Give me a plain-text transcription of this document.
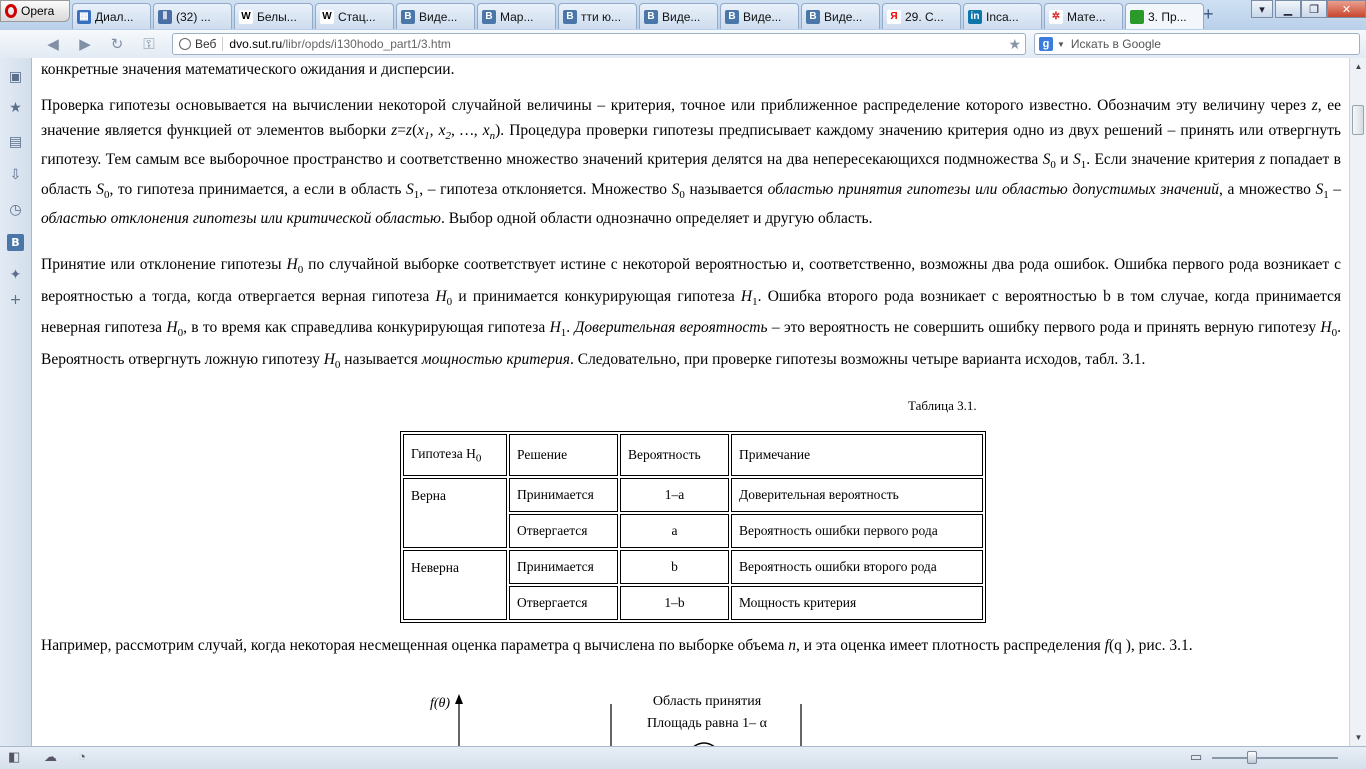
Opera ▦ Диал...	Ⅱ (32) ...	W Белы...	W Стац...	B Виде...	B Мар...	B тти ю...	B Виде...	B Виде...	B Виде...	Я 29. С...	in Inca...	✲ Мате...	3. Пр... +	▾	▁	❐	✕
◀	▶	↻	⚿	Веб dvo.sut.ru/libr/opds/i130hodo_part1/3.htm	★	g ▼ Искать в Google
▣
★
▤
⇩
◷
B
✦
+

конкретные значения математического ожидания и дисперсии.

Проверка гипотезы основывается на вычислении некоторой случайной величины – критерия, точное или приближенное распределение которого известно. Обозначим эту величину через z, ее значение является функцией от элементов выборки $z=z(x_1$, $x_2$, …, $x_n$). Процедура проверки гипотезы предписывает каждому значению критерия одно из двух решений – принять или отвергнуть гипотезу. Тем самым все выборочное пространство и соответственно множество значений критерия делятся на два непересекающихся подмножества $S_0$ и $S_1$. Если значение критерия z попадает в область $S_0$, то гипотеза принимается, а если в область $S_1$, – гипотеза отклоняется. Множество $S_0$ называется областью принятия гипотезы или областью допустимых значений, а множество $S_1$ – областью отклонения гипотезы или критической областью. Выбор одной области однозначно определяет и другую область.

Принятие или отклонение гипотезы $H_0$ по случайной выборке соответствует истине с некоторой вероятностью и, соответственно, возможны два рода ошибок. Ошибка первого рода возникает с вероятностью a тогда, когда отвергается верная гипотеза $H_0$ и принимается конкурирующая гипотеза $H_1$. Ошибка второго рода возникает с вероятностью b в том случае, когда принимается неверная гипотеза $H_0$, в то время как справедлива конкурирующая гипотеза $H_1$. Доверительная вероятность – это вероятность не совершить ошибку первого рода и принять верную гипотезу $H_0$. Вероятность отвергнуть ложную гипотезу $H_0$ называется мощностью критерия. Следовательно, при проверке гипотезы возможны четыре варианта исходов, табл. 3.1.

Таблица 3.1.
Гипотеза $H_0$	Решение	Вероятность	Примечание
Верна	Принимается	1–a	Доверительная вероятность
	Отвергается	a	Вероятность ошибки первого рода
Неверна	Принимается	b	Вероятность ошибки второго рода
	Отвергается	1–b	Мощность критерия

Например, рассмотрим случай, когда некоторая несмещенная оценка параметра q вычислена по выборке объема n, и эта оценка имеет плотность распределения f(q ), рис. 3.1.

f(θ)	Область принятия
Площадь равна 1– α
▲
▼
◧ ☁ ◔	▭
